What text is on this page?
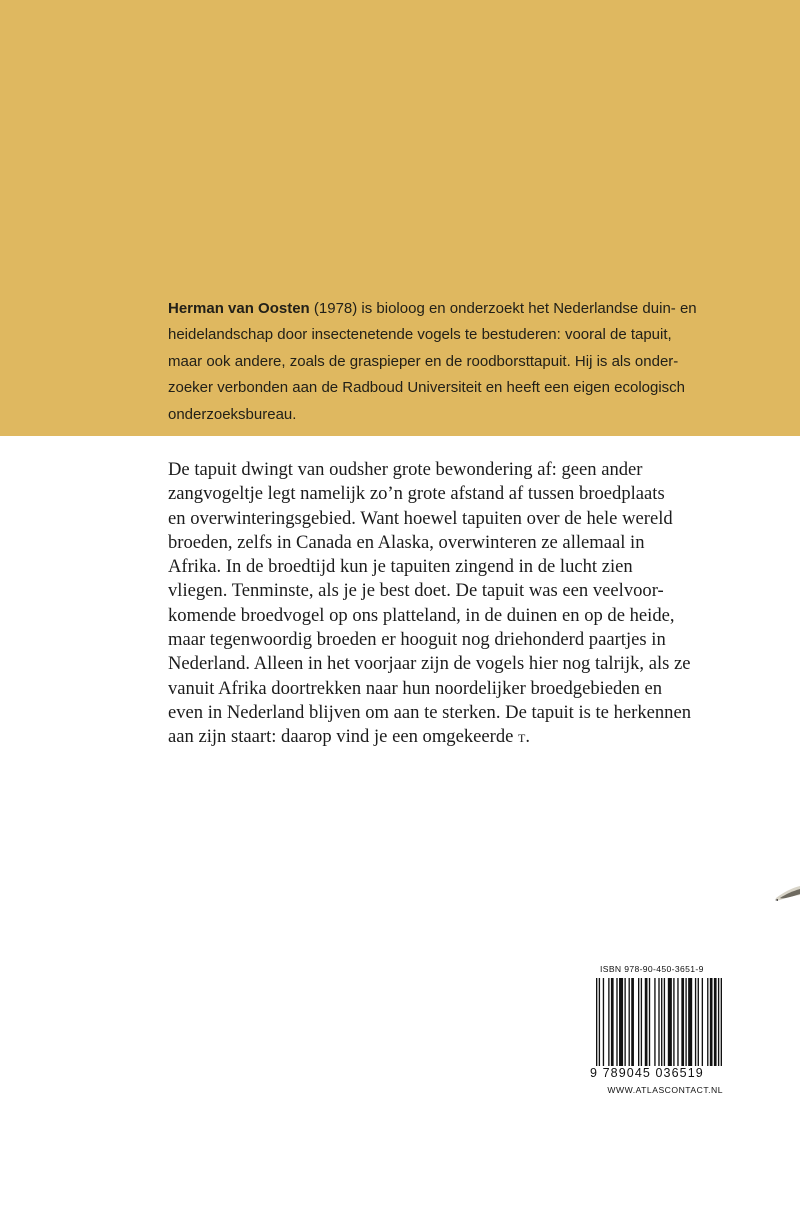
Herman van Oosten (1978) is bioloog en onderzoekt het Nederlandse duin- en
heidelandschap door insectenetende vogels te bestuderen: vooral de tapuit,
maar ook andere, zoals de graspieper en de roodborsttapuit. Hij is als onder-
zoeker verbonden aan de Radboud Universiteit en heeft een eigen ecologisch
onderzoeksbureau.

De tapuit dwingt van oudsher grote bewondering af: geen ander
zangvogeltje legt namelijk zo’n grote afstand af tussen broedplaats
en overwinteringsgebied. Want hoewel tapuiten over de hele wereld
broeden, zelfs in Canada en Alaska, overwinteren ze allemaal in
Afrika. In de broedtijd kun je tapuiten zingend in de lucht zien
vliegen. Tenminste, als je je best doet. De tapuit was een veelvoor-
komende broedvogel op ons platteland, in de duinen en op de heide,
maar tegenwoordig broeden er hooguit nog driehonderd paartjes in
Nederland. Alleen in het voorjaar zijn de vogels hier nog talrijk, als ze
vanuit Afrika doortrekken naar hun noordelijker broedgebieden en
even in Nederland blijven om aan te sterken. De tapuit is te herkennen
aan zijn staart: daarop vind je een omgekeerde T.

ISBN 978-90-450-3651-9
9 789045 036519
WWW.ATLASCONTACT.NL
